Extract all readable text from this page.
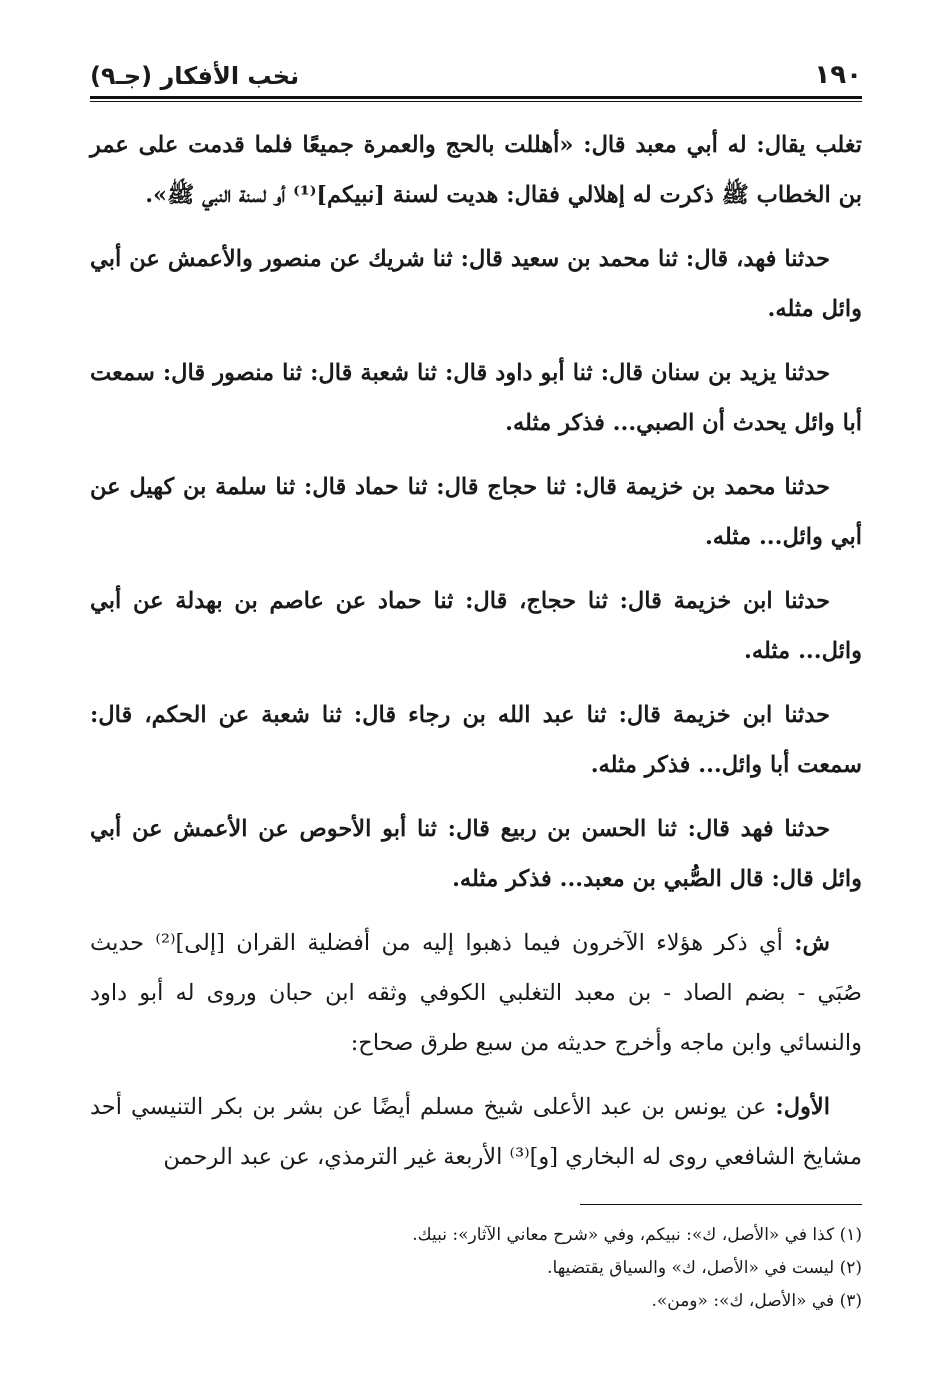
١٩٠
نخب الأفكار (جـ٩)

تغلب يقال: له أبي معبد قال: «أهللت بالحج والعمرة جميعًا فلما قدمت على عمر بن الخطاب ﷺ ذكرت له إهلالي فقال: هديت لسنة [نبيكم]⁽¹⁾ أو لسنة النبي ﷺ».

حدثنا فهد، قال: ثنا محمد بن سعيد قال: ثنا شريك عن منصور والأعمش عن أبي وائل مثله.

حدثنا يزيد بن سنان قال: ثنا أبو داود قال: ثنا شعبة قال: ثنا منصور قال: سمعت أبا وائل يحدث أن الصبي... فذكر مثله.

حدثنا محمد بن خزيمة قال: ثنا حجاج قال: ثنا حماد قال: ثنا سلمة بن كهيل عن أبي وائل... مثله.

حدثنا ابن خزيمة قال: ثنا حجاج، قال: ثنا حماد عن عاصم بن بهدلة عن أبي وائل... مثله.

حدثنا ابن خزيمة قال: ثنا عبد الله بن رجاء قال: ثنا شعبة عن الحكم، قال: سمعت أبا وائل... فذكر مثله.

حدثنا فهد قال: ثنا الحسن بن ربيع قال: ثنا أبو الأحوص عن الأعمش عن أبي وائل قال: قال الصُّبي بن معبد... فذكر مثله.

ش: أي ذكر هؤلاء الآخرون فيما ذهبوا إليه من أفضلية القران [إلى]⁽²⁾ حديث صُبَي - بضم الصاد - بن معبد التغلبي الكوفي وثقه ابن حبان وروى له أبو داود والنسائي وابن ماجه وأخرج حديثه من سبع طرق صحاح:

الأول: عن يونس بن عبد الأعلى شيخ مسلم أيضًا عن بشر بن بكر التنيسي أحد مشايخ الشافعي روى له البخاري [و]⁽³⁾ الأربعة غير الترمذي، عن عبد الرحمن

(١) كذا في «الأصل، ك»: نبيكم، وفي «شرح معاني الآثار»: نبيك.

(٢) ليست في «الأصل، ك» والسياق يقتضيها.

(٣) في «الأصل، ك»: «ومن».
